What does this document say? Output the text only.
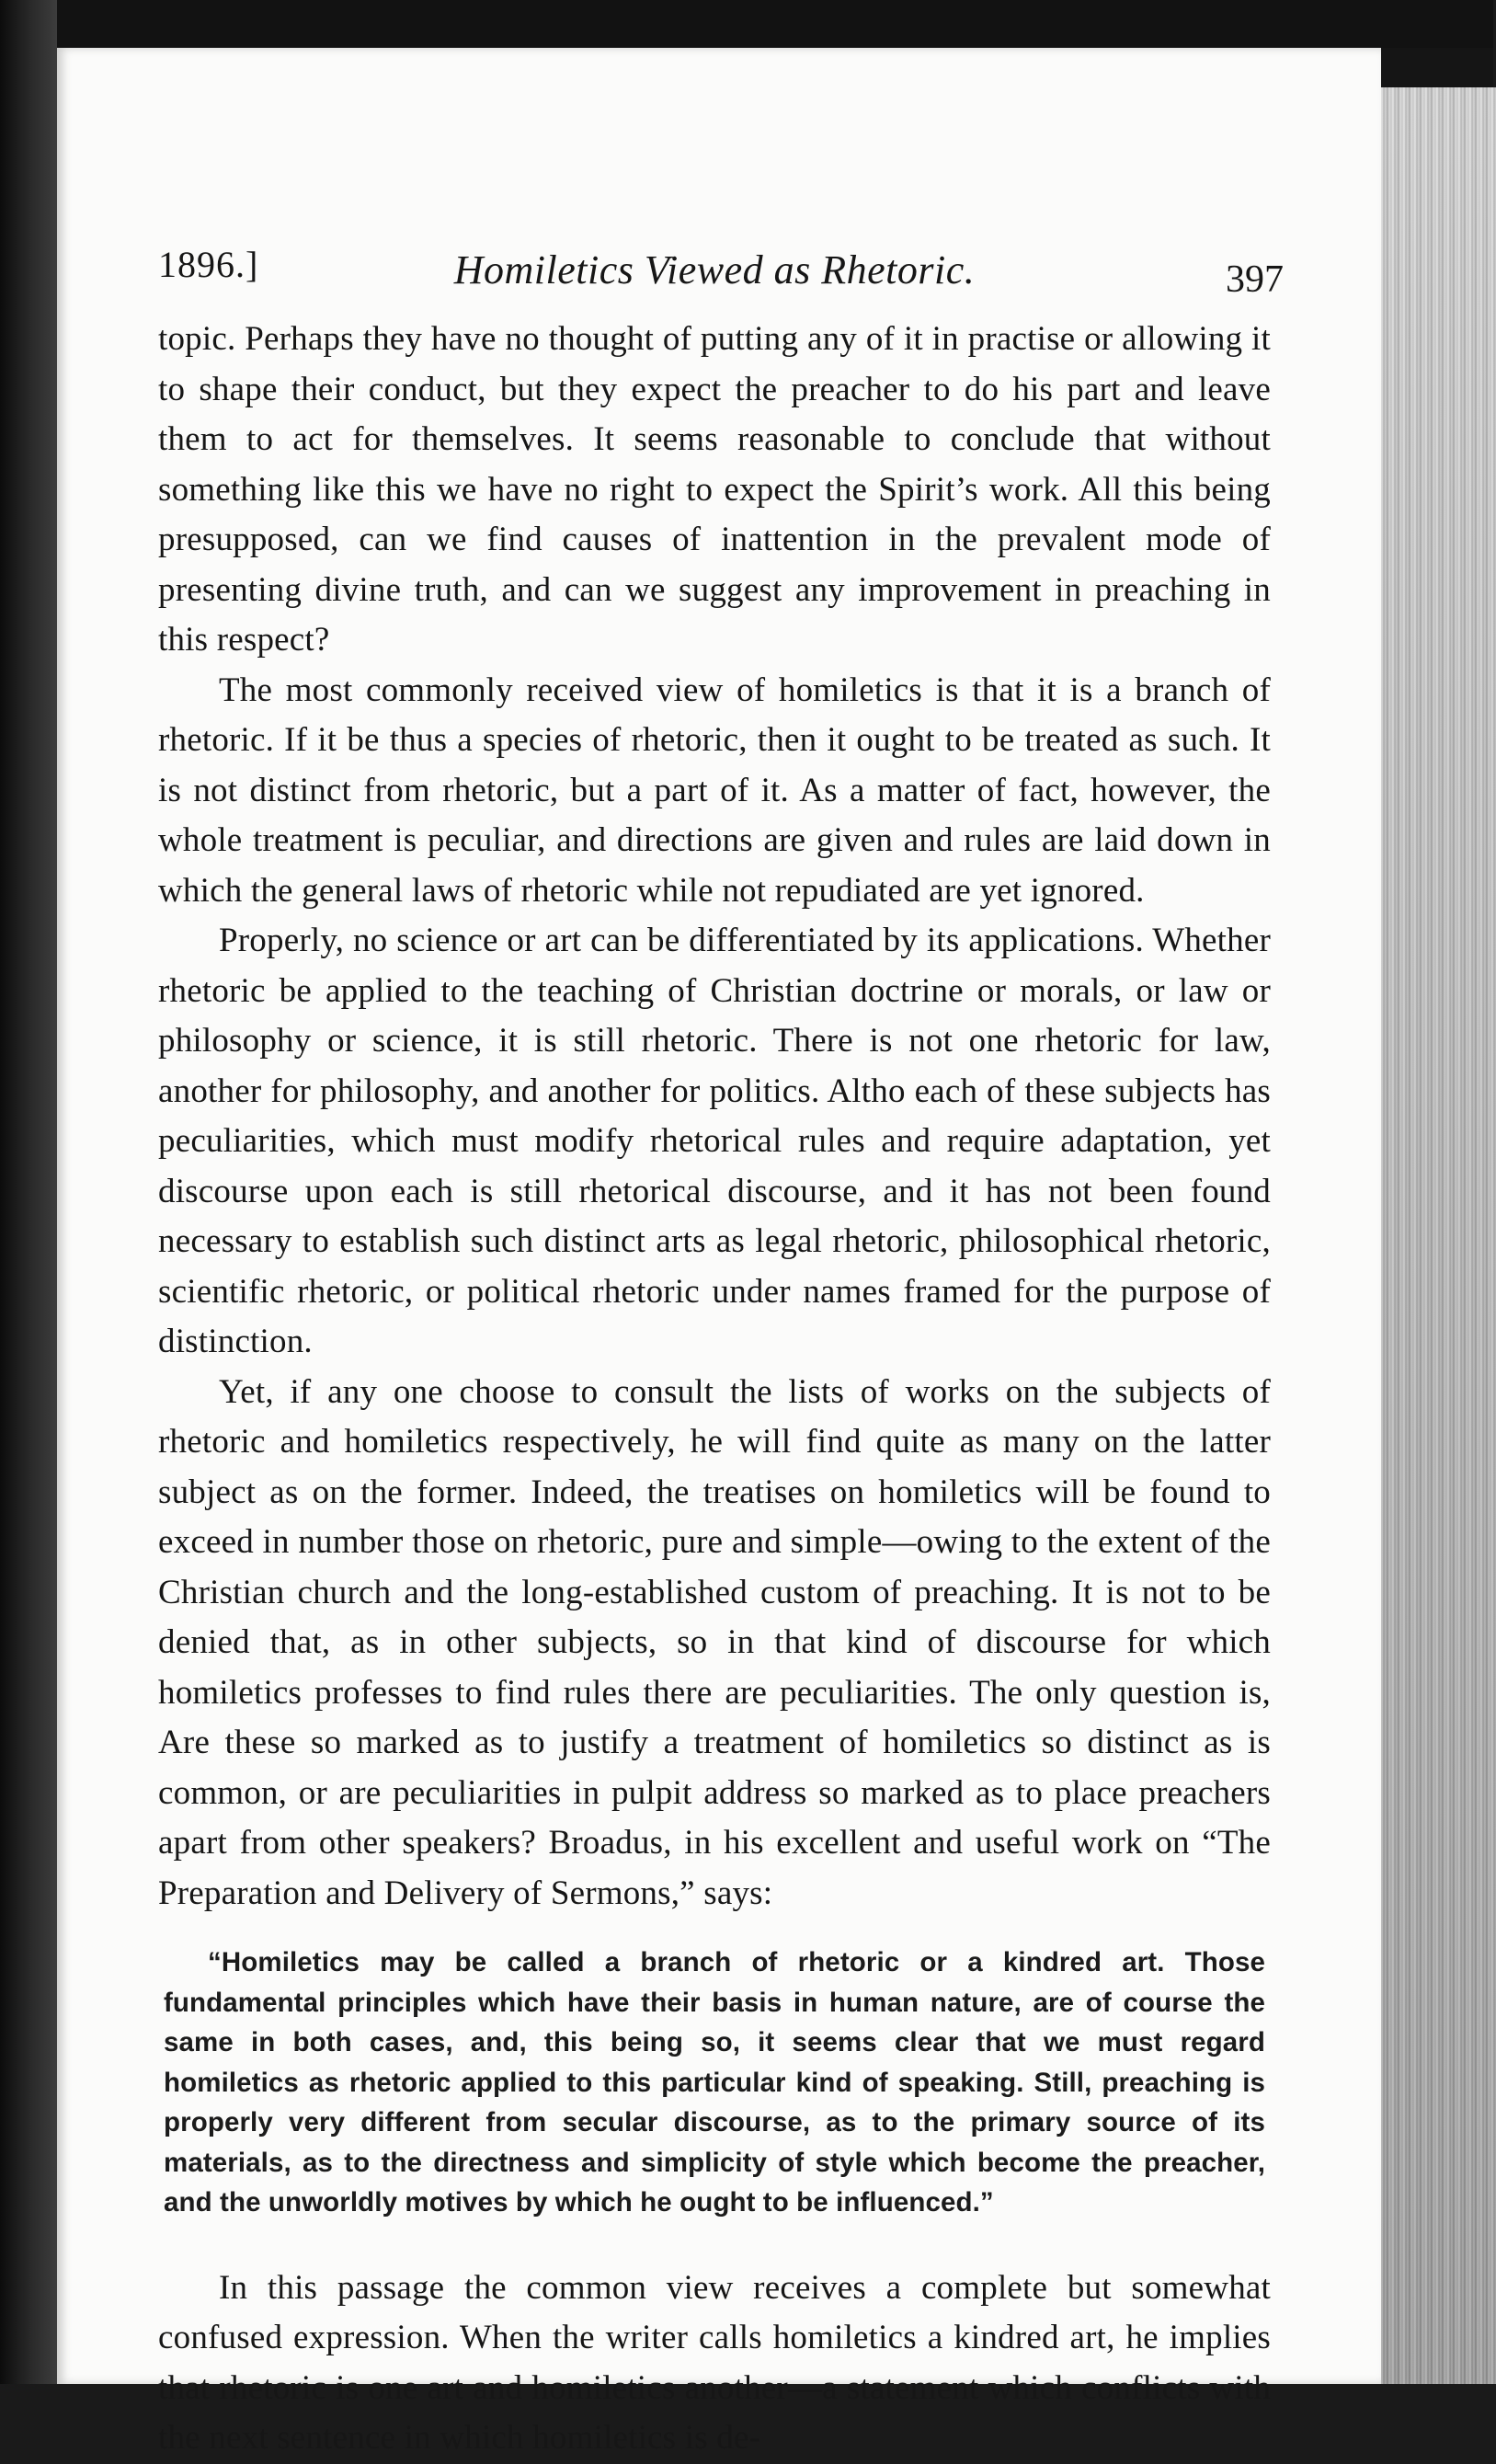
1896.]	Homiletics Viewed as Rhetoric.	397

topic. Perhaps they have no thought of putting any of it in practise or allowing it to shape their conduct, but they expect the preacher to do his part and leave them to act for themselves. It seems reasonable to conclude that without something like this we have no right to expect the Spirit’s work. All this being presupposed, can we find causes of inattention in the prevalent mode of presenting divine truth, and can we suggest any improvement in preaching in this respect?

The most commonly received view of homiletics is that it is a branch of rhetoric. If it be thus a species of rhetoric, then it ought to be treated as such. It is not distinct from rhetoric, but a part of it. As a matter of fact, however, the whole treatment is peculiar, and directions are given and rules are laid down in which the general laws of rhetoric while not repudiated are yet ignored.

Properly, no science or art can be differentiated by its applications. Whether rhetoric be applied to the teaching of Christian doctrine or morals, or law or philosophy or science, it is still rhetoric. There is not one rhetoric for law, another for philosophy, and another for politics. Altho each of these subjects has peculiarities, which must modify rhetorical rules and require adaptation, yet discourse upon each is still rhetorical discourse, and it has not been found necessary to establish such distinct arts as legal rhetoric, philosophical rhetoric, scientific rhetoric, or political rhetoric under names framed for the purpose of distinction.

Yet, if any one choose to consult the lists of works on the subjects of rhetoric and homiletics respectively, he will find quite as many on the latter subject as on the former. Indeed, the treatises on homiletics will be found to exceed in number those on rhetoric, pure and simple—owing to the extent of the Christian church and the long-established custom of preaching. It is not to be denied that, as in other subjects, so in that kind of discourse for which homiletics professes to find rules there are peculiarities. The only question is, Are these so marked as to justify a treatment of homiletics so distinct as is common, or are peculiarities in pulpit address so marked as to place preachers apart from other speakers? Broadus, in his excellent and useful work on “The Preparation and Delivery of Sermons,” says:

“Homiletics may be called a branch of rhetoric or a kindred art. Those fundamental principles which have their basis in human nature, are of course the same in both cases, and, this being so, it seems clear that we must regard homiletics as rhetoric applied to this particular kind of speaking. Still, preaching is properly very different from secular discourse, as to the primary source of its materials, as to the directness and simplicity of style which become the preacher, and the unworldly motives by which he ought to be influenced.”

In this passage the common view receives a complete but somewhat confused expression. When the writer calls homiletics a kindred art, he implies that rhetoric is one art and homiletics another—a statement which conflicts with the next sentence in which homiletics is de-
